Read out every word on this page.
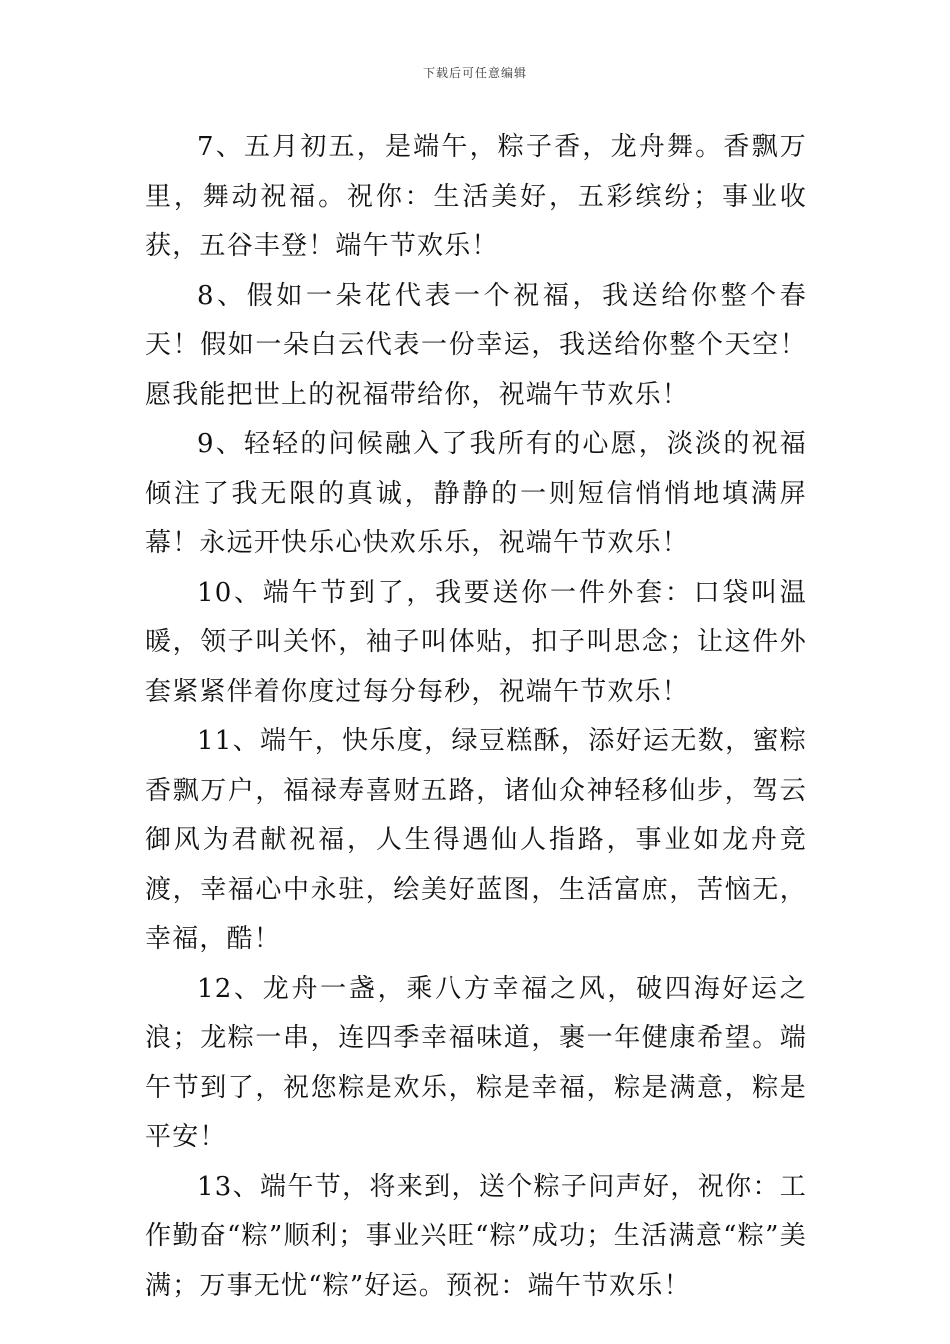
下载后可任意编辑

7、五月初五，是端午，粽子香，龙舟舞。香飘万里，舞动祝福。祝你：生活美好，五彩缤纷；事业收获，五谷丰登！端午节欢乐！

8、假如一朵花代表一个祝福，我送给你整个春天！假如一朵白云代表一份幸运，我送给你整个天空！愿我能把世上的祝福带给你，祝端午节欢乐！

9、轻轻的问候融入了我所有的心愿，淡淡的祝福倾注了我无限的真诚，静静的一则短信悄悄地填满屏幕！永远开快乐心快欢乐乐，祝端午节欢乐！

10、端午节到了，我要送你一件外套：口袋叫温暖，领子叫关怀，袖子叫体贴，扣子叫思念；让这件外套紧紧伴着你度过每分每秒，祝端午节欢乐！

11、端午，快乐度，绿豆糕酥，添好运无数，蜜粽香飘万户，福禄寿喜财五路，诸仙众神轻移仙步，驾云御风为君献祝福，人生得遇仙人指路，事业如龙舟竞渡，幸福心中永驻，绘美好蓝图，生活富庶，苦恼无，幸福，酷！

12、龙舟一盏，乘八方幸福之风，破四海好运之浪；龙粽一串，连四季幸福味道，裹一年健康希望。端午节到了，祝您粽是欢乐，粽是幸福，粽是满意，粽是平安！

13、端午节，将来到，送个粽子问声好，祝你：工作勤奋“粽”顺利；事业兴旺“粽”成功；生活满意“粽”美满；万事无忧“粽”好运。预祝：端午节欢乐！
